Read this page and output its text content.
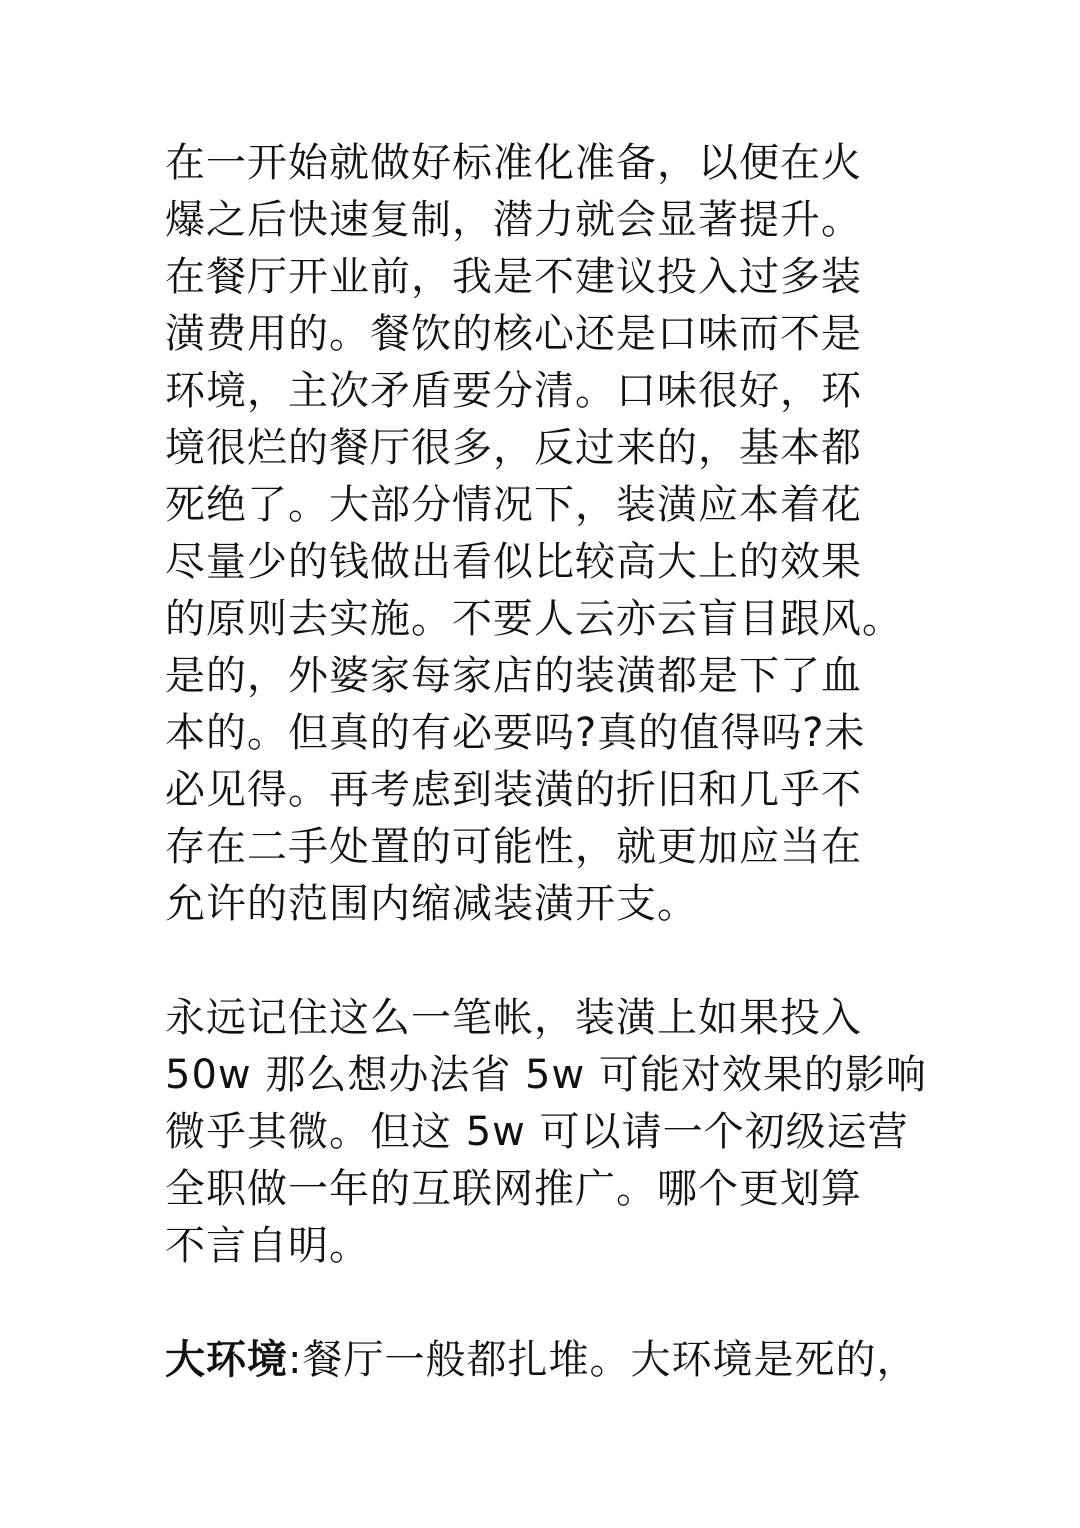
在一开始就做好标准化准备，以便在火
爆之后快速复制，潜力就会显著提升。
在餐厅开业前，我是不建议投入过多装
潢费用的。餐饮的核心还是口味而不是
环境，主次矛盾要分清。口味很好，环
境很烂的餐厅很多，反过来的，基本都
死绝了。大部分情况下，装潢应本着花
尽量少的钱做出看似比较高大上的效果
的原则去实施。不要人云亦云盲目跟风。
是的，外婆家每家店的装潢都是下了血
本的。但真的有必要吗?真的值得吗?未
必见得。再考虑到装潢的折旧和几乎不
存在二手处置的可能性，就更加应当在
允许的范围内缩减装潢开支。
永远记住这么一笔帐，装潢上如果投入
50w 那么想办法省 5w 可能对效果的影响
微乎其微。但这 5w 可以请一个初级运营
全职做一年的互联网推广。哪个更划算
不言自明。
大环境:餐厅一般都扎堆。大环境是死的，
